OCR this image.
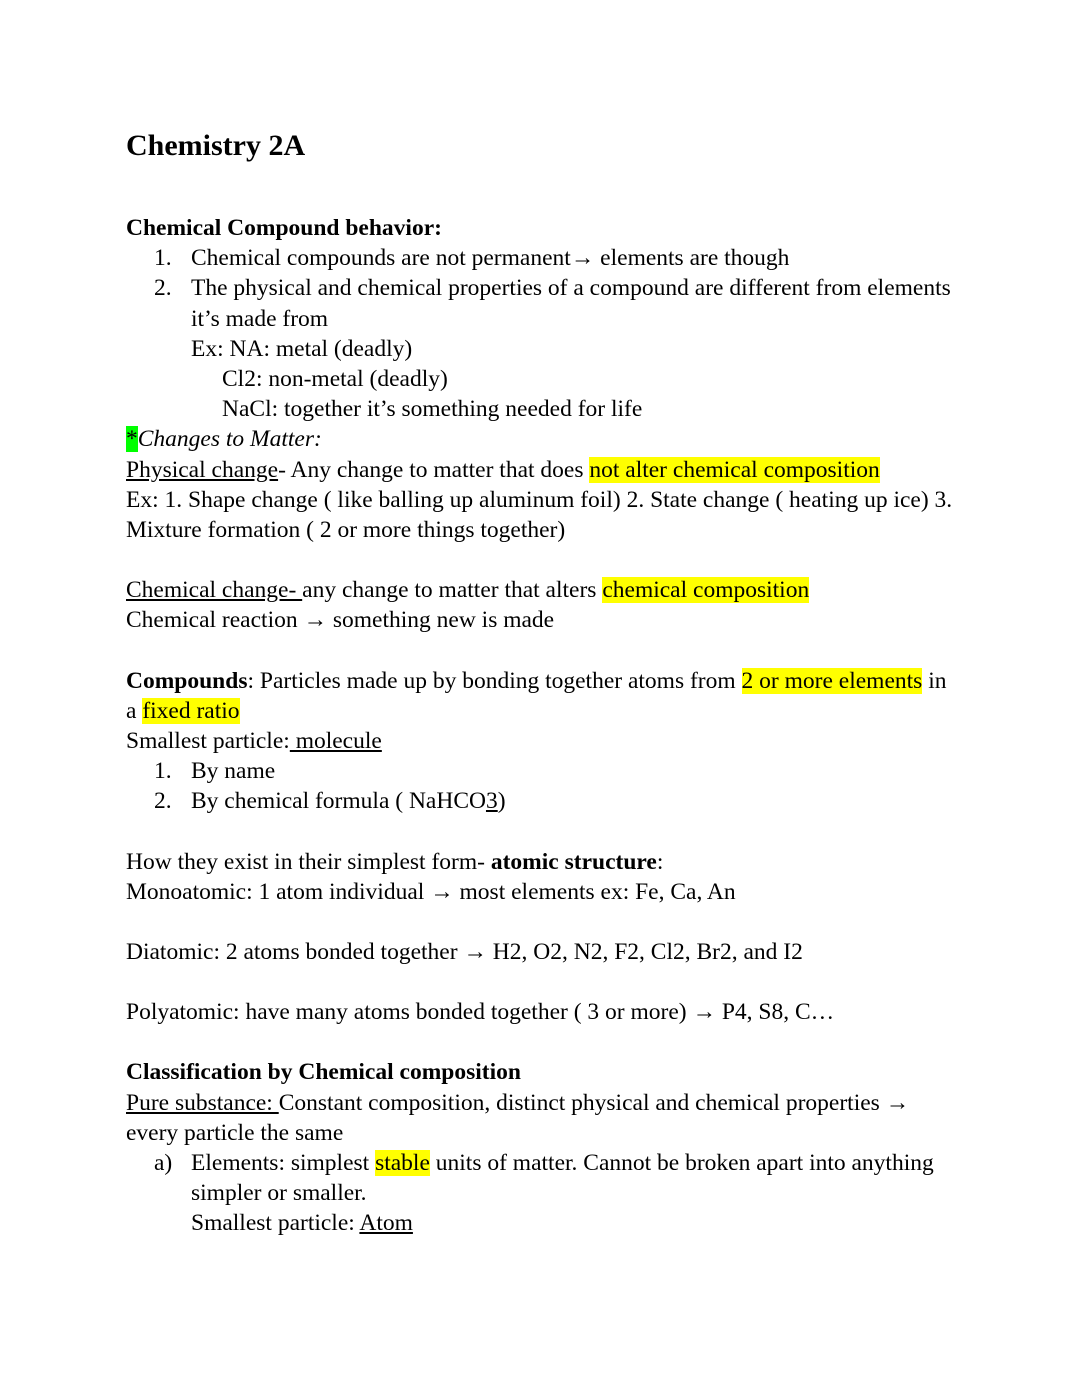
Chemistry 2A
Chemical Compound behavior:
1. Chemical compounds are not permanent→ elements are though
2. The physical and chemical properties of a compound are different from elements it’s made from
Ex: NA: metal (deadly)
Cl2: non-metal (deadly)
NaCl: together it’s something needed for life
*Changes to Matter:
Physical change- Any change to matter that does not alter chemical composition
Ex: 1. Shape change ( like balling up aluminum foil) 2. State change ( heating up ice) 3. Mixture formation ( 2 or more things together)
Chemical change- any change to matter that alters chemical composition
Chemical reaction → something new is made
Compounds: Particles made up by bonding together atoms from 2 or more elements in a fixed ratio
Smallest particle: molecule
1. By name
2. By chemical formula ( NaHCO3)
How they exist in their simplest form- atomic structure:
Monoatomic: 1 atom individual → most elements ex: Fe, Ca, An
Diatomic: 2 atoms bonded together → H2, O2, N2, F2, Cl2, Br2, and I2
Polyatomic: have many atoms bonded together ( 3 or more) → P4, S8, C…
Classification by Chemical composition
Pure substance: Constant composition, distinct physical and chemical properties → every particle the same
a) Elements: simplest stable units of matter. Cannot be broken apart into anything simpler or smaller.
Smallest particle: Atom
